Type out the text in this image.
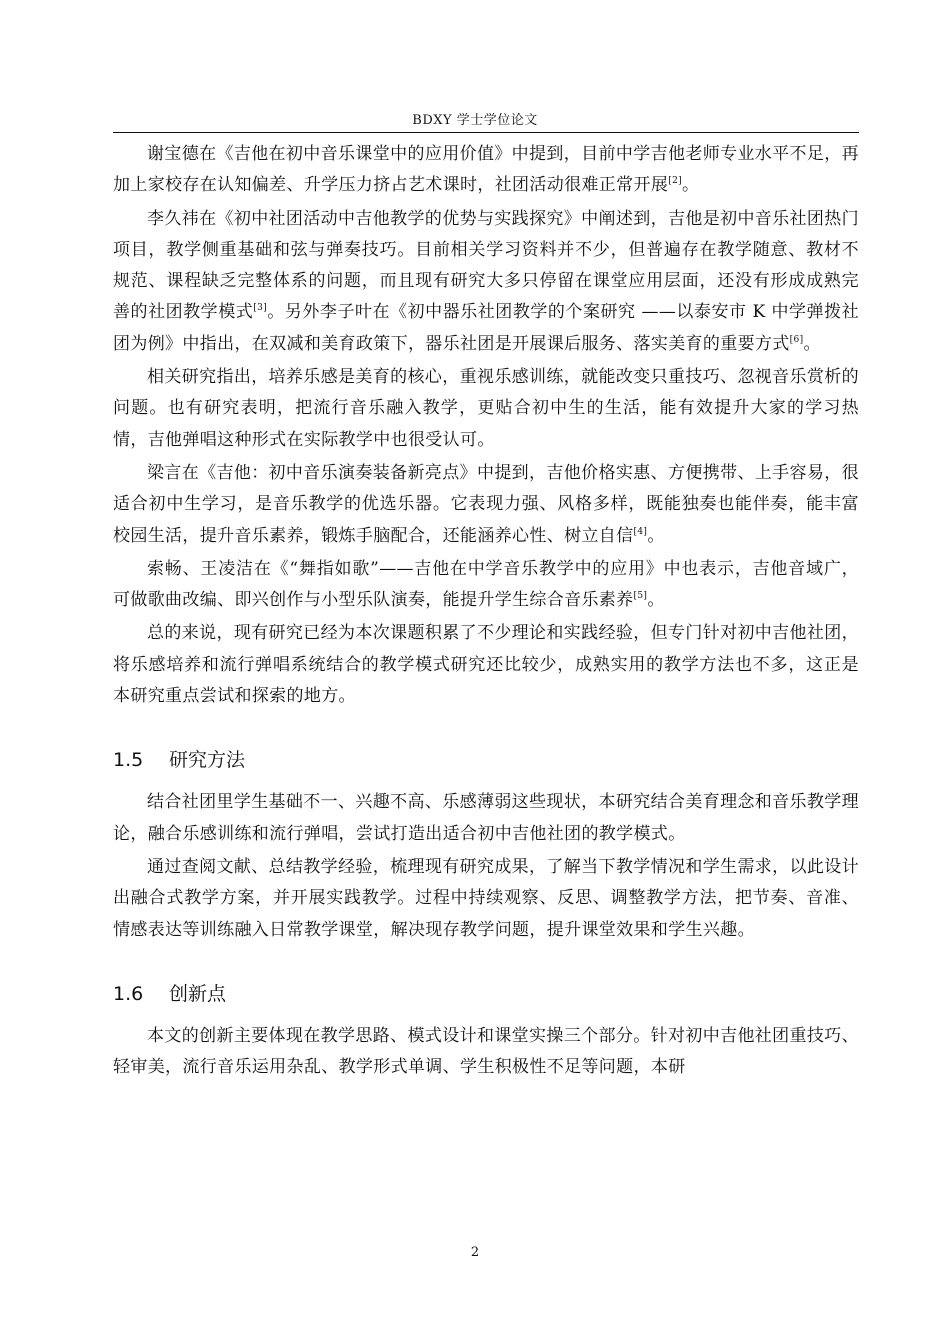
BDXY 学士学位论文

谢宝德在《吉他在初中音乐课堂中的应用价值》中提到，目前中学吉他老师专业水平不足，再加上家校存在认知偏差、升学压力挤占艺术课时，社团活动很难正常开展[2]。

李久祎在《初中社团活动中吉他教学的优势与实践探究》中阐述到，吉他是初中音乐社团热门项目，教学侧重基础和弦与弹奏技巧。目前相关学习资料并不少，但普遍存在教学随意、教材不规范、课程缺乏完整体系的问题，而且现有研究大多只停留在课堂应用层面，还没有形成成熟完善的社团教学模式[3]。另外李子叶在《初中器乐社团教学的个案研究 ——以泰安市 K 中学弹拨社团为例》中指出，在双减和美育政策下，器乐社团是开展课后服务、落实美育的重要方式[6]。

相关研究指出，培养乐感是美育的核心，重视乐感训练，就能改变只重技巧、忽视音乐赏析的问题。也有研究表明，把流行音乐融入教学，更贴合初中生的生活，能有效提升大家的学习热情，吉他弹唱这种形式在实际教学中也很受认可。

梁言在《吉他：初中音乐演奏装备新亮点》中提到，吉他价格实惠、方便携带、上手容易，很适合初中生学习，是音乐教学的优选乐器。它表现力强、风格多样，既能独奏也能伴奏，能丰富校园生活，提升音乐素养，锻炼手脑配合，还能涵养心性、树立自信[4]。

索畅、王凌洁在《“舞指如歌”——吉他在中学音乐教学中的应用》中也表示，吉他音域广，可做歌曲改编、即兴创作与小型乐队演奏，能提升学生综合音乐素养[5]。

总的来说，现有研究已经为本次课题积累了不少理论和实践经验，但专门针对初中吉他社团，将乐感培养和流行弹唱系统结合的教学模式研究还比较少，成熟实用的教学方法也不多，这正是本研究重点尝试和探索的地方。

1.5 研究方法

结合社团里学生基础不一、兴趣不高、乐感薄弱这些现状，本研究结合美育理念和音乐教学理论，融合乐感训练和流行弹唱，尝试打造出适合初中吉他社团的教学模式。

通过查阅文献、总结教学经验，梳理现有研究成果，了解当下教学情况和学生需求，以此设计出融合式教学方案，并开展实践教学。过程中持续观察、反思、调整教学方法，把节奏、音准、情感表达等训练融入日常教学课堂，解决现存教学问题，提升课堂效果和学生兴趣。

1.6 创新点

本文的创新主要体现在教学思路、模式设计和课堂实操三个部分。针对初中吉他社团重技巧、轻审美，流行音乐运用杂乱、教学形式单调、学生积极性不足等问题，本研

2
